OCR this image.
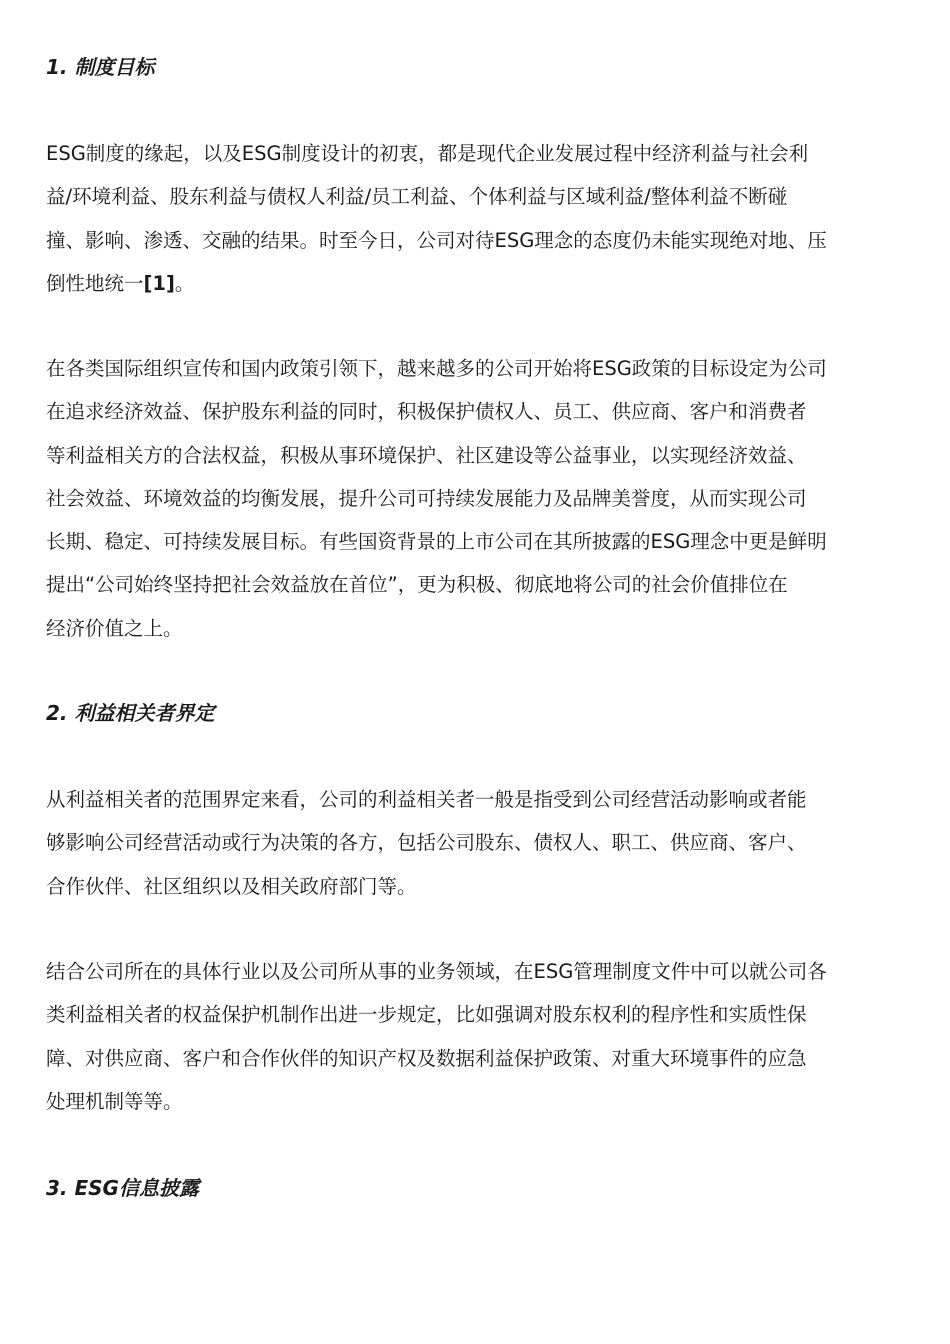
1. 制度目标

ESG制度的缘起，以及ESG制度设计的初衷，都是现代企业发展过程中经济利益与社会利
益/环境利益、股东利益与债权人利益/员工利益、个体利益与区域利益/整体利益不断碰
撞、影响、渗透、交融的结果。时至今日，公司对待ESG理念的态度仍未能实现绝对地、压
倒性地统一[1]。

在各类国际组织宣传和国内政策引领下，越来越多的公司开始将ESG政策的目标设定为公司
在追求经济效益、保护股东利益的同时，积极保护债权人、员工、供应商、客户和消费者
等利益相关方的合法权益，积极从事环境保护、社区建设等公益事业，以实现经济效益、
社会效益、环境效益的均衡发展，提升公司可持续发展能力及品牌美誉度，从而实现公司
长期、稳定、可持续发展目标。有些国资背景的上市公司在其所披露的ESG理念中更是鲜明
提出“公司始终坚持把社会效益放在首位”，更为积极、彻底地将公司的社会价值排位在
经济价值之上。

2. 利益相关者界定

从利益相关者的范围界定来看，公司的利益相关者一般是指受到公司经营活动影响或者能
够影响公司经营活动或行为决策的各方，包括公司股东、债权人、职工、供应商、客户、
合作伙伴、社区组织以及相关政府部门等。

结合公司所在的具体行业以及公司所从事的业务领域，在ESG管理制度文件中可以就公司各
类利益相关者的权益保护机制作出进一步规定，比如强调对股东权利的程序性和实质性保
障、对供应商、客户和合作伙伴的知识产权及数据利益保护政策、对重大环境事件的应急
处理机制等等。

3. ESG信息披露
